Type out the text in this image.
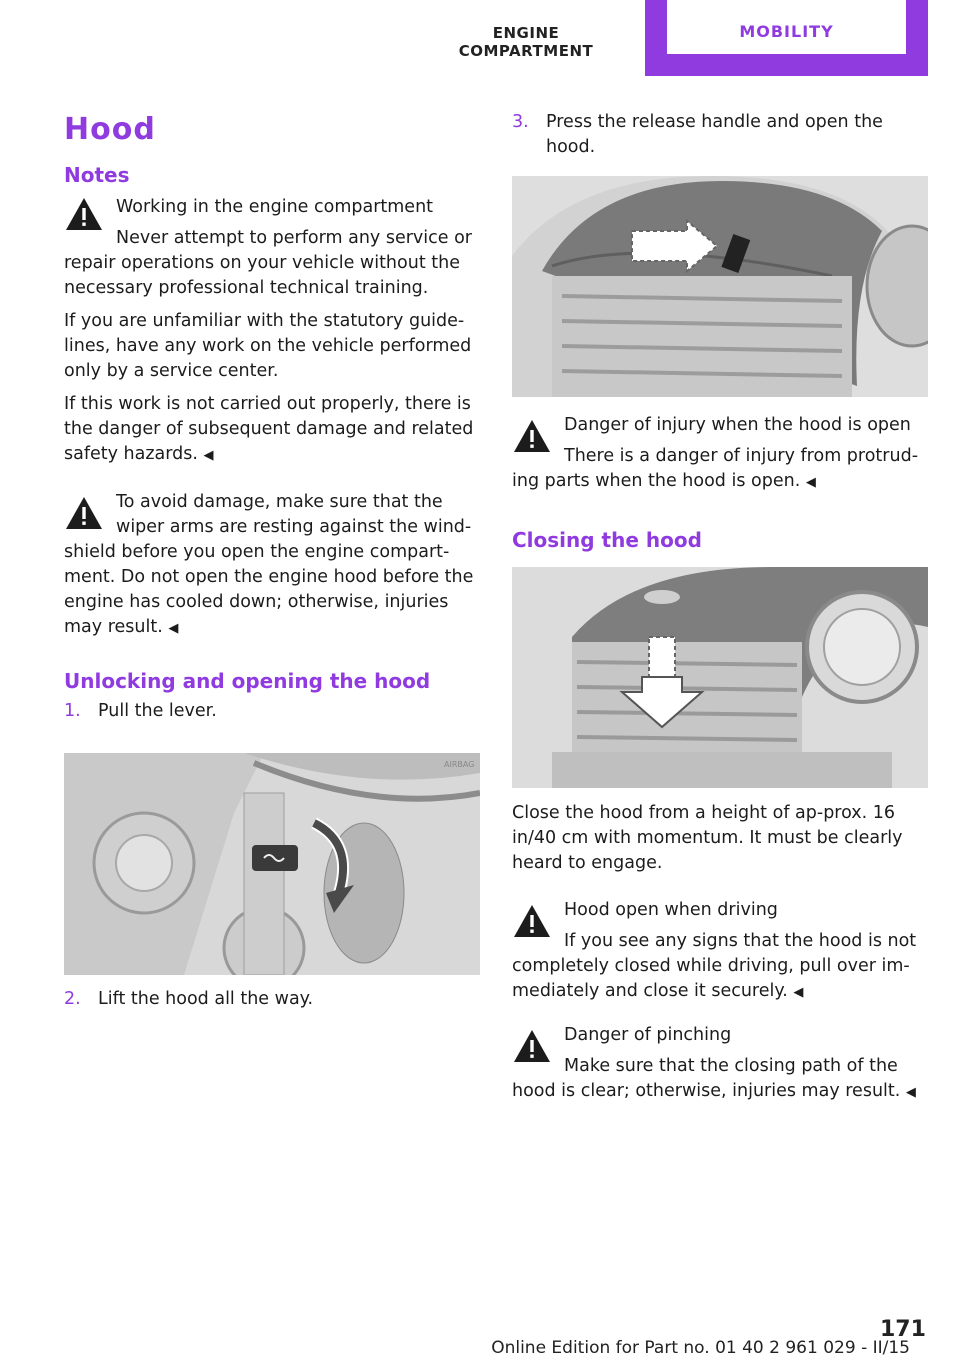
ENGINE COMPARTMENT
MOBILITY
Hood
Notes
Working in the engine compartment
Never attempt to perform any service or
repair operations on your vehicle without the necessary professional technical training.
If you are unfamiliar with the statutory guide-lines, have any work on the vehicle performed only by a service center.
If this work is not carried out properly, there is the danger of subsequent damage and related safety hazards. ◀
To avoid damage, make sure that the
wiper arms are resting against the wind-
shield before you open the engine compart-ment. Do not open the engine hood before the engine has cooled down; otherwise, injuries may result. ◀
Unlocking and opening the hood
1. Pull the lever.
AIRBAG
2. Lift the hood all the way.
3. Press the release handle and open the hood.
Danger of injury when the hood is open
There is a danger of injury from protrud-
ing parts when the hood is open. ◀
Closing the hood
Close the hood from a height of ap-prox. 16 in/40 cm with momentum. It must be clearly heard to engage.
Hood open when driving
If you see any signs that the hood is not
completely closed while driving, pull over im-mediately and close it securely. ◀
Danger of pinching
Make sure that the closing path of the
hood is clear; otherwise, injuries may result. ◀
171
Online Edition for Part no. 01 40 2 961 029 - II/15
